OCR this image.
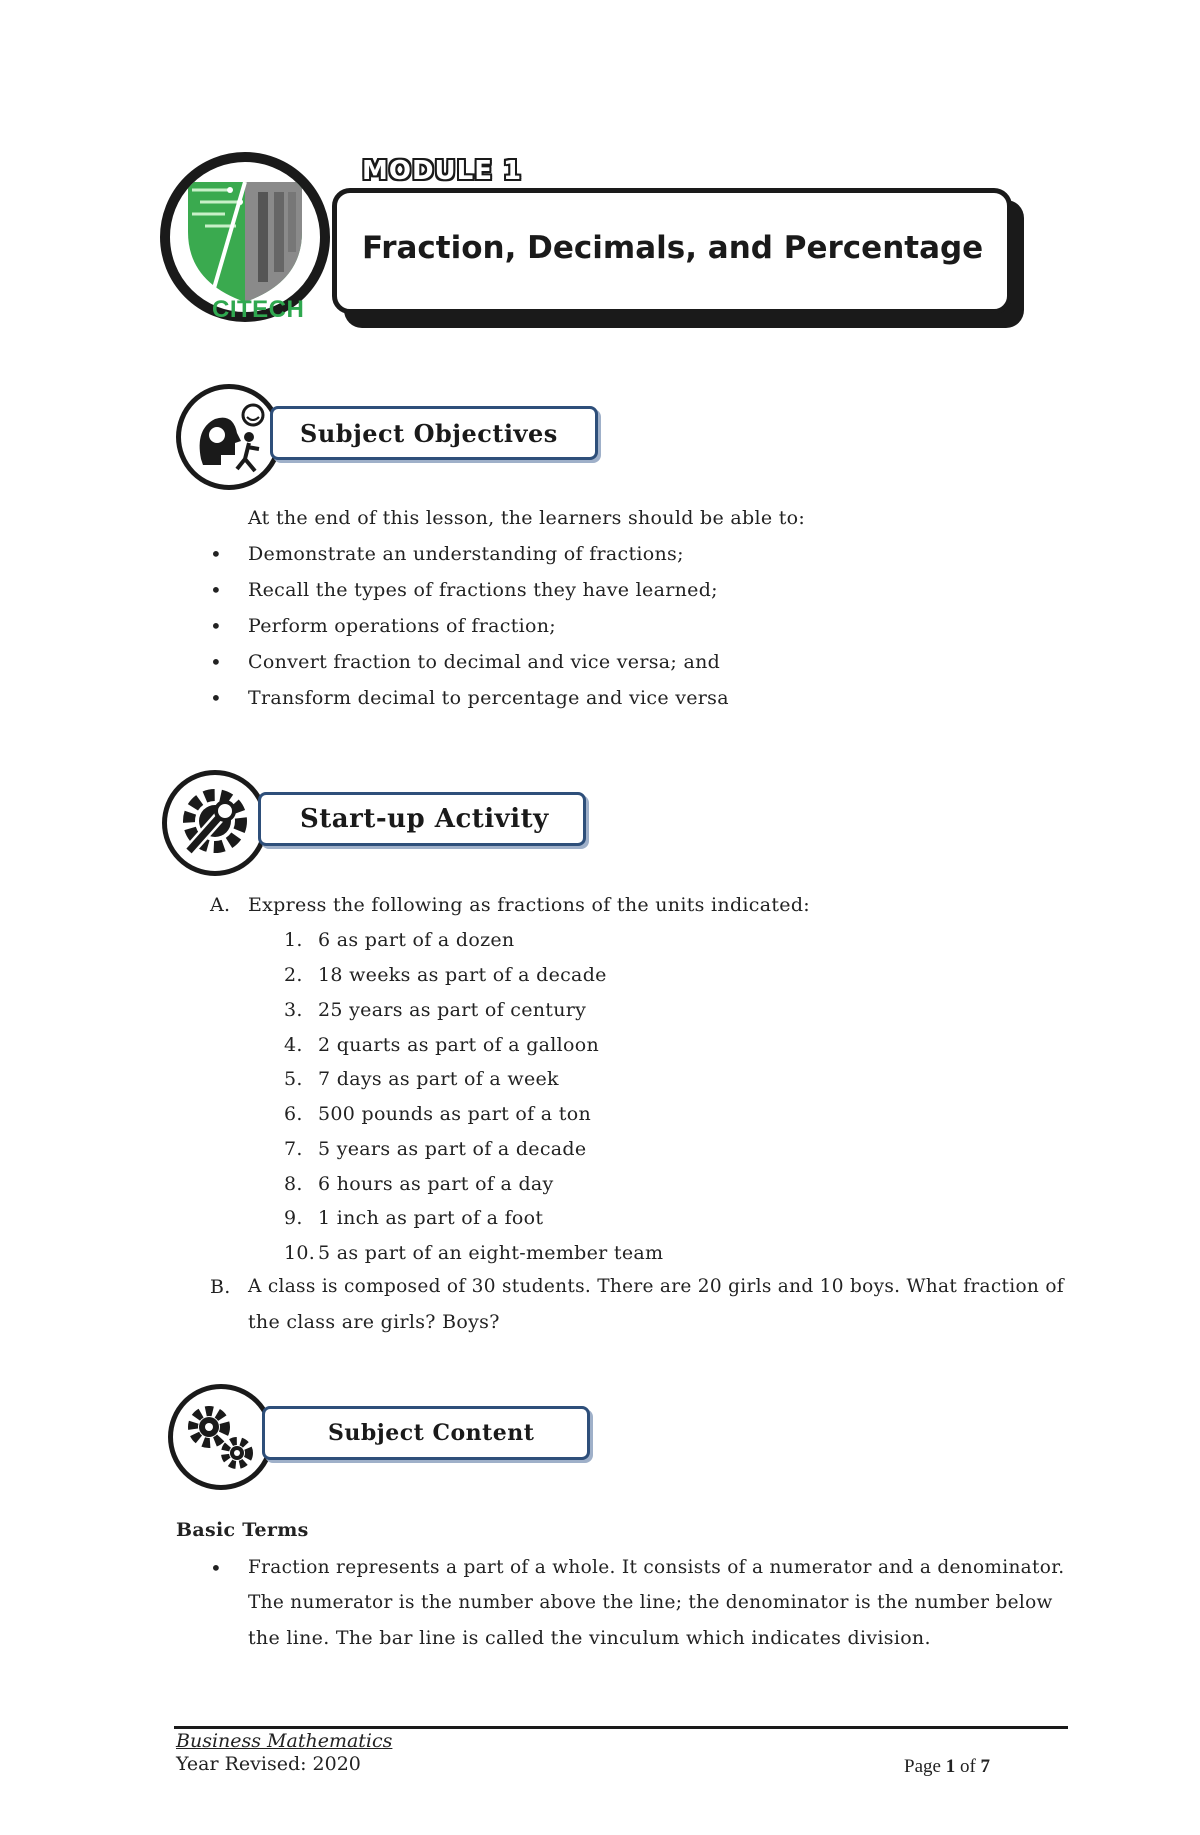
CITECH
MODULE 1
Fraction, Decimals, and Percentage
Subject Objectives
At the end of this lesson, the learners should be able to:
• Demonstrate an understanding of fractions;
• Recall the types of fractions they have learned;
• Perform operations of fraction;
• Convert fraction to decimal and vice versa; and
• Transform decimal to percentage and vice versa
Start-up Activity
A. Express the following as fractions of the units indicated:
1. 6 as part of a dozen
2. 18 weeks as part of a decade
3. 25 years as part of century
4. 2 quarts as part of a galloon
5. 7 days as part of a week
6. 500 pounds as part of a ton
7. 5 years as part of a decade
8. 6 hours as part of a day
9. 1 inch as part of a foot
10. 5 as part of an eight-member team
B. A class is composed of 30 students. There are 20 girls and 10 boys. What fraction of
the class are girls? Boys?
Subject Content
Basic Terms
• Fraction represents a part of a whole. It consists of a numerator and a denominator.
The numerator is the number above the line; the denominator is the number below
the line. The bar line is called the vinculum which indicates division.
Business Mathematics
Year Revised: 2020	Page 1 of 7
